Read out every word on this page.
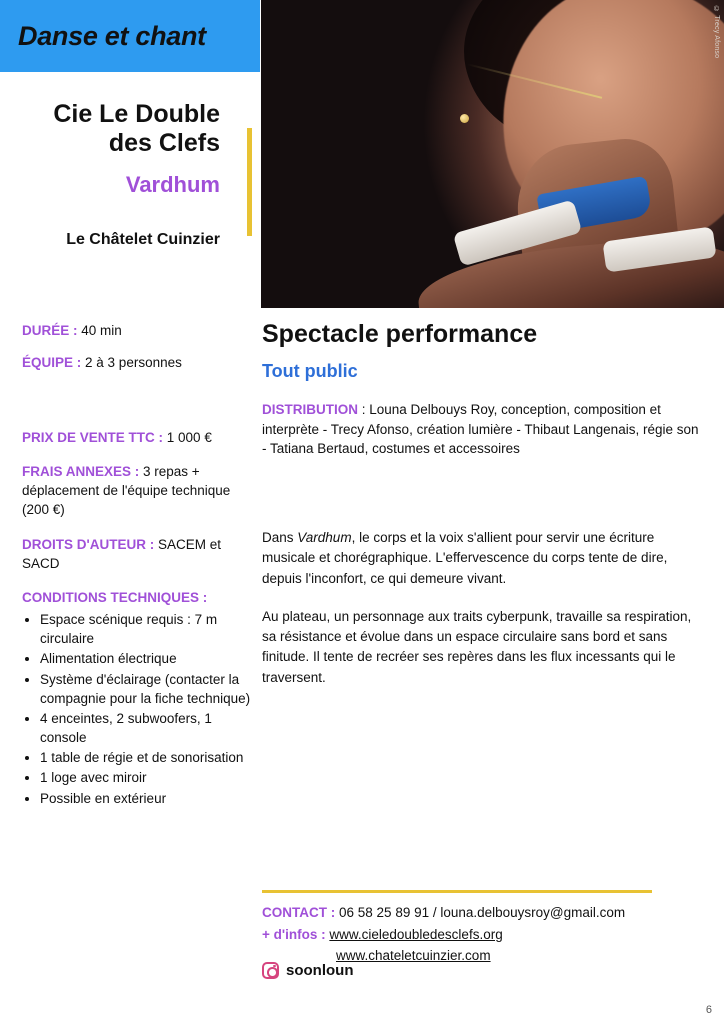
Danse et chant	© Trecy Afonso
Cie Le Double des Clefs
Vardhum
Le Châtelet Cuinzier
DURÉE : 40 min
ÉQUIPE : 2 à 3 personnes
PRIX DE VENTE TTC : 1 000 €
FRAIS ANNEXES : 3 repas + déplacement de l'équipe technique (200 €)
DROITS D'AUTEUR : SACEM et SACD
CONDITIONS TECHNIQUES :
• Espace scénique requis : 7 m circulaire
• Alimentation électrique
• Système d'éclairage (contacter la compagnie pour la fiche technique)
• 4 enceintes, 2 subwoofers, 1 console
• 1 table de régie et de sonorisation
• 1 loge avec miroir
• Possible en extérieur
Spectacle performance
Tout public
DISTRIBUTION : Louna Delbouys Roy, conception, composition et interprète - Trecy Afonso, création lumière - Thibaut Langenais, régie son - Tatiana Bertaud, costumes et accessoires

Dans Vardhum, le corps et la voix s'allient pour servir une écriture musicale et chorégraphique. L'effervescence du corps tente de dire, depuis l'inconfort, ce qui demeure vivant.

Au plateau, un personnage aux traits cyberpunk, travaille sa respiration, sa résistance et évolue dans un espace circulaire sans bord et sans finitude. Il tente de recréer ses repères dans les flux incessants qui le traversent.

CONTACT : 06 58 25 89 91 / louna.delbouysroy@gmail.com
+ d'infos : www.cieledoubledesclefs.org
www.chateletcuinzier.com
soonloun
6
